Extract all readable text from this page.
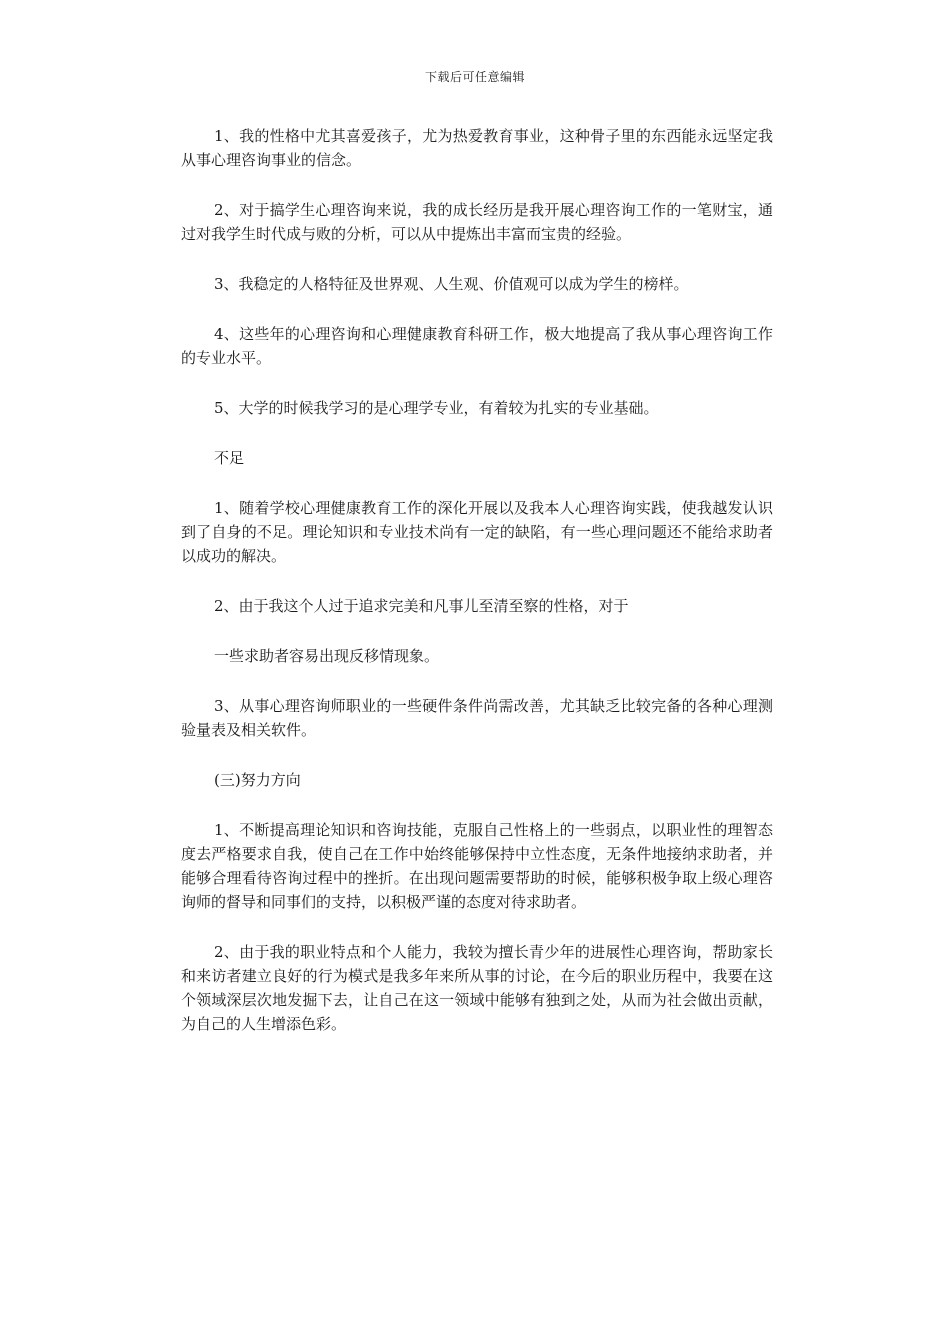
下载后可任意编辑

1、我的性格中尤其喜爱孩子，尤为热爱教育事业，这种骨子里的东西能永远坚定我从事心理咨询事业的信念。

2、对于搞学生心理咨询来说，我的成长经历是我开展心理咨询工作的一笔财宝，通过对我学生时代成与败的分析，可以从中提炼出丰富而宝贵的经验。

3、我稳定的人格特征及世界观、人生观、价值观可以成为学生的榜样。

4、这些年的心理咨询和心理健康教育科研工作，极大地提高了我从事心理咨询工作的专业水平。

5、大学的时候我学习的是心理学专业，有着较为扎实的专业基础。

不足

1、随着学校心理健康教育工作的深化开展以及我本人心理咨询实践，使我越发认识到了自身的不足。理论知识和专业技术尚有一定的缺陷，有一些心理问题还不能给求助者以成功的解决。

2、由于我这个人过于追求完美和凡事儿至清至察的性格，对于

一些求助者容易出现反移情现象。

3、从事心理咨询师职业的一些硬件条件尚需改善，尤其缺乏比较完备的各种心理测验量表及相关软件。

(三)努力方向

1、不断提高理论知识和咨询技能，克服自己性格上的一些弱点，以职业性的理智态度去严格要求自我，使自己在工作中始终能够保持中立性态度，无条件地接纳求助者，并能够合理看待咨询过程中的挫折。在出现问题需要帮助的时候，能够积极争取上级心理咨询师的督导和同事们的支持，以积极严谨的态度对待求助者。

2、由于我的职业特点和个人能力，我较为擅长青少年的进展性心理咨询，帮助家长和来访者建立良好的行为模式是我多年来所从事的讨论，在今后的职业历程中，我要在这个领域深层次地发掘下去，让自己在这一领域中能够有独到之处，从而为社会做出贡献，为自己的人生增添色彩。
